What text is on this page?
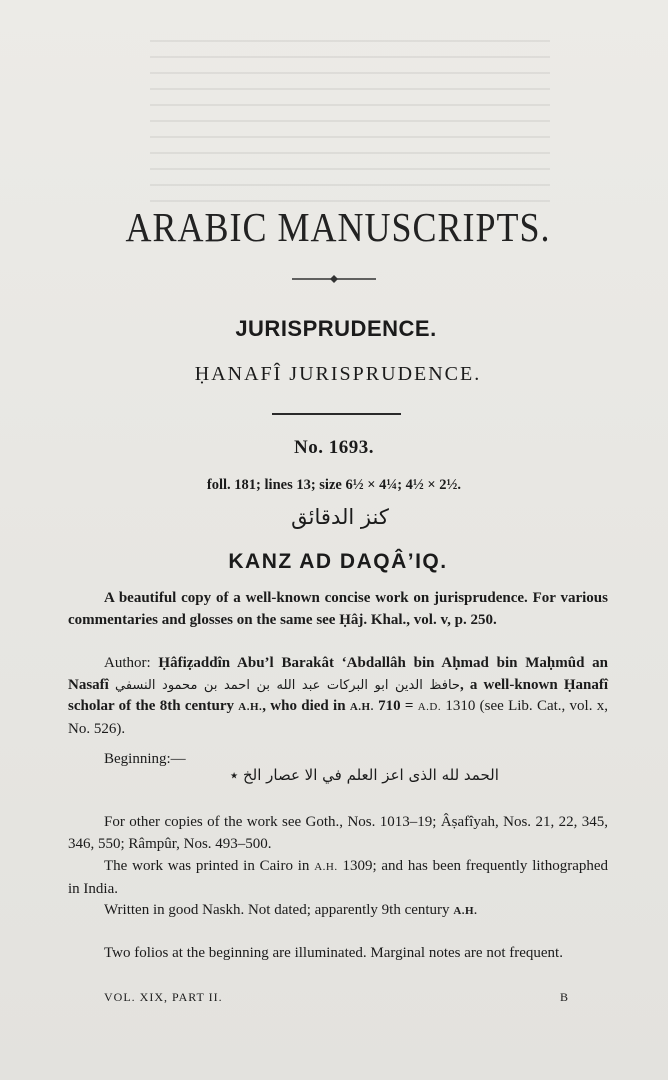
ARABIC MANUSCRIPTS.
JURISPRUDENCE.
ḤANAFÎ JURISPRUDENCE.
No. 1693.
foll. 181; lines 13; size 6½ × 4¼; 4½ × 2½.
كنز الدقائق
KANZ AD DAQÂ’IQ.

A beautiful copy of a well-known concise work on jurisprudence. For various commentaries and glosses on the same see Ḥâj. Khal., vol. v, p. 250.

Author: Ḥâfiẓaddîn Abu’l Barakât ‘Abdallâh bin Aḥmad bin Maḥmûd an Nasafî حافظ الدين ابو البركات عبد الله بن احمد بن محمود النسفي, a well-known Ḥanafî scholar of the 8th century A.H., who died in A.H. 710 = A.D. 1310 (see Lib. Cat., vol. x, No. 526).

Beginning:—
الحمد لله الذى اعز العلم في الا عصار الخ ٭

For other copies of the work see Goth., Nos. 1013–19; Âṣafîyah, Nos. 21, 22, 345, 346, 550; Râmpûr, Nos. 493–500.

The work was printed in Cairo in A.H. 1309; and has been frequently lithographed in India.

Written in good Naskh. Not dated; apparently 9th century A.H.

Two folios at the beginning are illuminated. Marginal notes are not frequent.

VOL. XIX, PART II.	B
